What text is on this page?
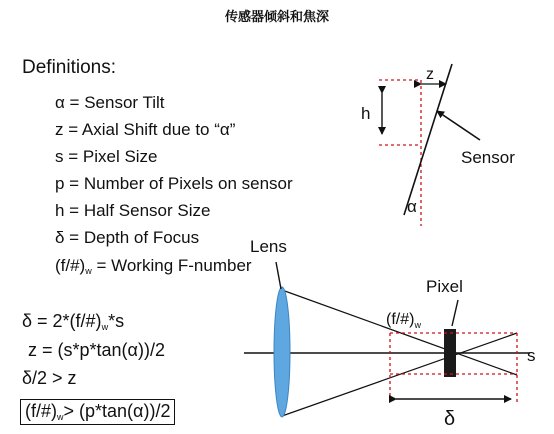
传感器倾斜和焦深
Definitions:
α = Sensor Tilt
z = Axial Shift due to “α”
s = Pixel Size
p = Number of Pixels on sensor
h = Half Sensor Size
δ = Depth of Focus
$(f/\#)_w$ = Working F-number
$\delta = 2*(f/\#)_w*s$
z = (s*p*tan(α))/2
δ/2 > z
$(f/\#)_w> (p*\tan(\alpha))/2$
z
h
Sensor
α
Lens
Pixel
$(f/\#)_w$
s
δ
